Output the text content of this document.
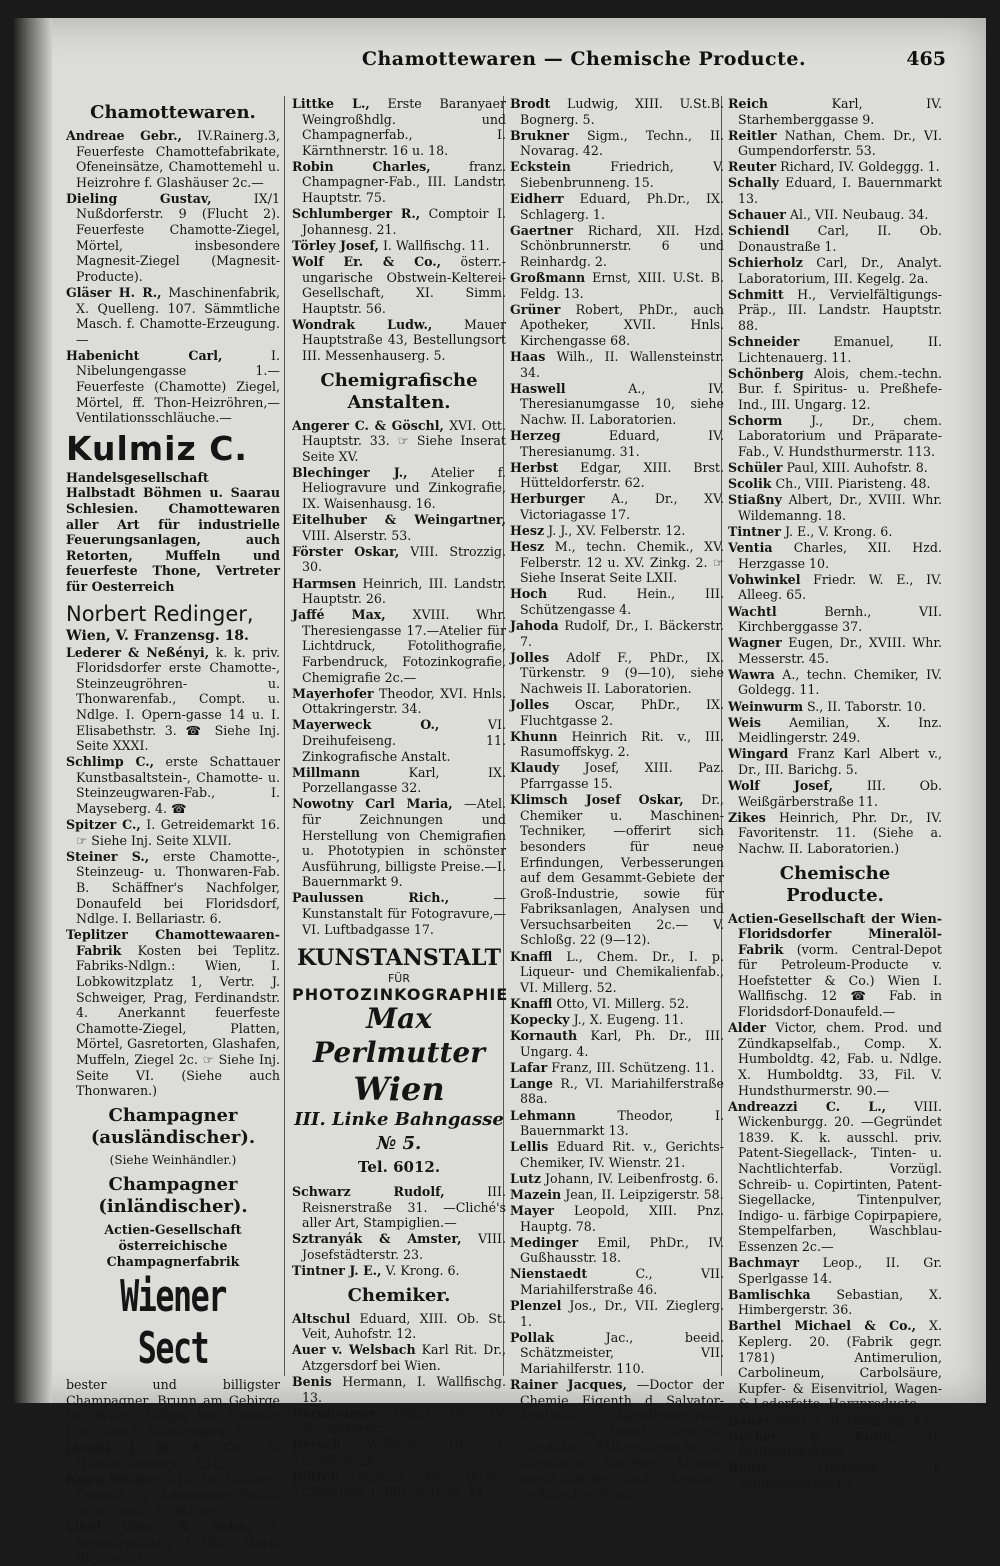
Chamottewaren — Chemische Producte.	465
Chamottewaren.
Andreae Gebr., IV.Rainerg.3, Feuerfeste Chamottefabrikate, Ofeneinsätze, Chamottemehl u. Heizrohre f. Glashäuser 2c.—
Dieling Gustav, IX/1 Nußdorferstr. 9 (Flucht 2). Feuerfeste Chamotte-Ziegel, Mörtel, insbesondere Magnesit-Ziegel (Magnesit-Producte).
Gläser H. R., Maschinenfabrik, X. Quelleng. 107. Sämmtliche Masch. f. Chamotte-Erzeugung.—
Habenicht Carl, I. Nibelungengasse 1.—Feuerfeste (Chamotte) Ziegel, Mörtel, ff. Thon-Heizröhren,—Ventilationsschläuche.—
Kulmiz C.
Handelsgesellschaft Halbstadt Böhmen u. Saarau Schlesien. Chamottewaren aller Art für industrielle Feuerungsanlagen, auch Retorten, Muffeln und feuerfeste Thone, Vertreter für Oesterreich
Norbert Redinger,
Wien, V. Franzensg. 18.
Lederer & Neßényi, k. k. priv. Floridsdorfer erste Chamotte-, Steinzeugröhren- u. Thonwarenfab., Compt. u. Ndlge. I. Opern-gasse 14 u. I. Elisabethstr. 3. ☎ Siehe Inj. Seite XXXI.
Schlimp C., erste Schattauer Kunstbasaltstein-, Chamotte- u. Steinzeugwaren-Fab., I. Mayseberg. 4. ☎
Spitzer C., I. Getreidemarkt 16. ☞ Siehe Inj. Seite XLVII.
Steiner S., erste Chamotte-, Steinzeug- u. Thonwaren-Fab. B. Schäffner's Nachfolger, Donaufeld bei Floridsdorf, Ndlge. I. Bellariastr. 6.
Teplitzer Chamottewaaren-Fabrik Kosten bei Teplitz. Fabriks-Ndlgn.: Wien, I. Lobkowitzplatz 1, Vertr. J. Schweiger, Prag, Ferdinandstr. 4. Anerkannt feuerfeste Chamotte-Ziegel, Platten, Mörtel, Gasretorten, Glashafen, Muffeln, Ziegel 2c. ☞ Siehe Inj. Seite VI. (Siehe auch Thonwaren.)
Champagner (ausländischer).
(Siehe Weinhändler.)
Champagner (inländischer).
Actien-Gesellschaft österreichische Champagnerfabrik
Wiener Sect
bester und billigster Champagner, Brunn am Gebirge bei Wien.—Ndlge. bei Theodor Etti, Wien I. Akademiestr. 1.
Jacobi J. B. & Co., V. Hundsthurmerstr. 131.
Kunz Brüder, XIX. Ob Döbling, Donaug. 1. Champagner-Fabrik unter franz. Principien.
Liebl Vinc. & Sohn, I. Jasomirgottstr. 7 (Inh. Moriz Raymann).
Littke L., Erste Baranyaer Weingroßhdlg. und Champagnerfab., I. Kärnthnerstr. 16 u. 18.
Robin Charles, franz. Champagner-Fab., III. Landstr. Hauptstr. 75.
Schlumberger R., Comptoir I. Johannesg. 21.
Törley Josef, I. Wallfischg. 11.
Wolf Er. & Co., österr.-ungarische Obstwein-Kelterei-Gesellschaft, XI. Simm. Hauptstr. 56.
Wondrak Ludw., Mauer Hauptstraße 43, Bestellungsort III. Messenhauserg. 5.
Chemigrafische Anstalten.
Angerer C. & Göschl, XVI. Ott. Hauptstr. 33. ☞ Siehe Inserat Seite XV.
Blechinger J., Atelier f. Heliogravure und Zinkografie, IX. Waisenhausg. 16.
Eitelhuber & Weingartner, VIII. Alserstr. 53.
Förster Oskar, VIII. Strozzig. 30.
Harmsen Heinrich, III. Landstr. Hauptstr. 26.
Jaffé Max, XVIII. Whr. Theresiengasse 17.—Atelier für Lichtdruck, Fotolithografie, Farbendruck, Fotozinkografie, Chemigrafie 2c.—
Mayerhofer Theodor, XVI. Hnls. Ottakringerstr. 34.
Mayerweck O., VI. Dreihufeiseng. 11. Zinkografische Anstalt.
Millmann Karl, IX. Porzellangasse 32.
Nowotny Carl Maria, —Atel. für Zeichnungen und Herstellung von Chemigrafien u. Phototypien in schönster Ausführung, billigste Preise.—I. Bauernmarkt 9.
Paulussen Rich., —Kunstanstalt für Fotogravure,— VI. Luftbadgasse 17.
KUNSTANSTALT
FÜR
PHOTOZINKOGRAPHIE
Max Perlmutter
Wien
III. Linke Bahngasse № 5.
Tel. 6012.
Schwarz Rudolf, III. Reisnerstraße 31. —Cliché's aller Art, Stampiglien.—
Sztranyák & Amster, VIII. Josefstädterstr. 23.
Tintner J. E., V. Krong. 6.
Chemiker.
Altschul Eduard, XIII. Ob. St. Veit, Auhofstr. 12.
Auer v. Welsbach Karl Rit. Dr., Atzgersdorf bei Wien.
Benis Hermann, I. Wallfischg. 13.
Bernheimer Oskar, Dr., IV. Technikerstr. 5.
Bersch Wilhelm, Dr., I. Giselastraße 5.
Böttch Konrad, Dr., techn. Chemiker, I. Elisabethstr. 14.
Brodt Ludwig, XIII. U.St.B. Bognerg. 5.
Brukner Sigm., Techn., II. Novarag. 42.
Eckstein Friedrich, V. Siebenbrunneng. 15.
Eidherr Eduard, Ph.Dr., IX. Schlagerg. 1.
Gaertner Richard, XII. Hzd. Schönbrunnerstr. 6 und Reinhardg. 2.
Großmann Ernst, XIII. U.St. B. Feldg. 13.
Grüner Robert, PhDr., auch Apotheker, XVII. Hnls. Kirchengasse 68.
Haas Wilh., II. Wallensteinstr. 34.
Haswell A., IV. Theresianumgasse 10, siehe Nachw. II. Laboratorien.
Herzeg Eduard, IV. Theresianumg. 31.
Herbst Edgar, XIII. Brst. Hütteldorferstr. 62.
Herburger A., Dr., XV. Victoriagasse 17.
Hesz J. J., XV. Felberstr. 12.
Hesz M., techn. Chemik., XV. Felberstr. 12 u. XV. Zinkg. 2. ☞ Siehe Inserat Seite LXII.
Hoch Rud. Hein., III. Schützengasse 4.
Jahoda Rudolf, Dr., I. Bäckerstr. 7.
Jolles Adolf F., PhDr., IX. Türkenstr. 9 (9—10), siehe Nachweis II. Laboratorien.
Jolles Oscar, PhDr., IX. Fluchtgasse 2.
Khunn Heinrich Rit. v., III. Rasumoffskyg. 2.
Klaudy Josef, XIII. Paz. Pfarrgasse 15.
Klimsch Josef Oskar, Dr., Chemiker u. Maschinen-Techniker, —offerirt sich besonders für neue Erfindungen, Verbesserungen auf dem Gesammt-Gebiete der Groß-Industrie, sowie für Fabriksanlagen, Analysen und Versuchsarbeiten 2c.— V. Schloßg. 22 (9—12).
Knaffl L., Chem. Dr., I. p. Liqueur- und Chemikalienfab., VI. Millerg. 52.
Knaffl Otto, VI. Millerg. 52.
Kopecky J., X. Eugeng. 11.
Kornauth Karl, Ph. Dr., III. Ungarg. 4.
Lafar Franz, III. Schützeng. 11.
Lange R., VI. Mariahilferstraße 88a.
Lehmann Theodor, I. Bauernmarkt 13.
Lellis Eduard Rit. v., Gerichts-Chemiker, IV. Wienstr. 21.
Lutz Johann, IV. Leibenfrostg. 6.
Mazein Jean, II. Leipzigerstr. 58.
Mayer Leopold, XIII. Pnz. Hauptg. 78.
Medinger Emil, PhDr., IV. Gußhausstr. 18.
Nienstaedt C., VII. Mariahilferstraße 46.
Plenzel Jos., Dr., VII. Zieglerg. 1.
Pollak Jac., beeid. Schätzmeister, VII. Mariahilferstr. 110.
Rainer Jacques, —Doctor der Chemie, Eigenth. d. Salvator-Apotheke, I. Kärnthnerstraße 22, k. k. beeid. Gerichts-Chemiker. Mikroskopische u. chemische Analysen, Lösung medicinischer und chemisch technischer Fragen.—
Reich Karl, IV. Starhemberggasse 9.
Reitler Nathan, Chem. Dr., VI. Gumpendorferstr. 53.
Reuter Richard, IV. Goldeggg. 1.
Schally Eduard, I. Bauernmarkt 13.
Schauer Al., VII. Neubaug. 34.
Schiendl Carl, II. Ob. Donaustraße 1.
Schierholz Carl, Dr., Analyt. Laboratorium, III. Kegelg. 2a.
Schmitt H., Vervielfältigungs-Präp., III. Landstr. Hauptstr. 88.
Schneider Emanuel, II. Lichtenauerg. 11.
Schönberg Alois, chem.-techn. Bur. f. Spiritus- u. Preßhefe-Ind., III. Ungarg. 12.
Schorm J., Dr., chem. Laboratorium und Präparate-Fab., V. Hundsthurmerstr. 113.
Schüler Paul, XIII. Auhofstr. 8.
Scolik Ch., VIII. Piaristeng. 48.
Stiaßny Albert, Dr., XVIII. Whr. Wildemanng. 18.
Tintner J. E., V. Krong. 6.
Ventia Charles, XII. Hzd. Herzgasse 10.
Vohwinkel Friedr. W. E., IV. Alleeg. 65.
Wachtl Bernh., VII. Kirchberggasse 37.
Wagner Eugen, Dr., XVIII. Whr. Messerstr. 45.
Wawra A., techn. Chemiker, IV. Goldegg. 11.
Weinwurm S., II. Taborstr. 10.
Weis Aemilian, X. Inz. Meidlingerstr. 249.
Wingard Franz Karl Albert v., Dr., III. Barichg. 5.
Wolf Josef, III. Ob. Weißgärberstraße 11.
Zikes Heinrich, Phr. Dr., IV. Favoritenstr. 11. (Siehe a. Nachw. II. Laboratorien.)
Chemische Producte.
Actien-Gesellschaft der Wien-Floridsdorfer Mineralöl-Fabrik (vorm. Central-Depot für Petroleum-Producte v. Hoefstetter & Co.) Wien I. Wallfischg. 12 ☎ Fab. in Floridsdorf-Donaufeld.—
Alder Victor, chem. Prod. und Zündkapselfab., Comp. X. Humboldtg. 42, Fab. u. Ndlge. X. Humboldtg. 33, Fil. V. Hundsthurmerstr. 90.—
Andreazzi C. L., VIII. Wickenburgg. 20. —Gegründet 1839. K. k. ausschl. priv. Patent-Siegellack-, Tinten- u. Nachtlichterfab. Vorzügl. Schreib- u. Copirtinten, Patent-Siegellacke, Tintenpulver, Indigo- u. färbige Copirpapiere, Stempelfarben, Waschblau-Essenzen 2c.—
Bachmayr Leop., II. Gr. Sperlgasse 14.
Bamlischka Sebastian, X. Himbergerstr. 36.
Barthel Michael & Co., X. Keplerg. 20. (Fabrik gegr. 1781) Antimerulion, Carbolineum, Carbolsäure, Kupfer- & Eisenvitriol, Wagen- & Lederfette, Harzproducte.
Bauer Josef, X. Rothenhofg. 43.
Becker & Kohn, II. Ferdinandstraße 5.
Benis Hermann, I. Wallfischgasse 13.
